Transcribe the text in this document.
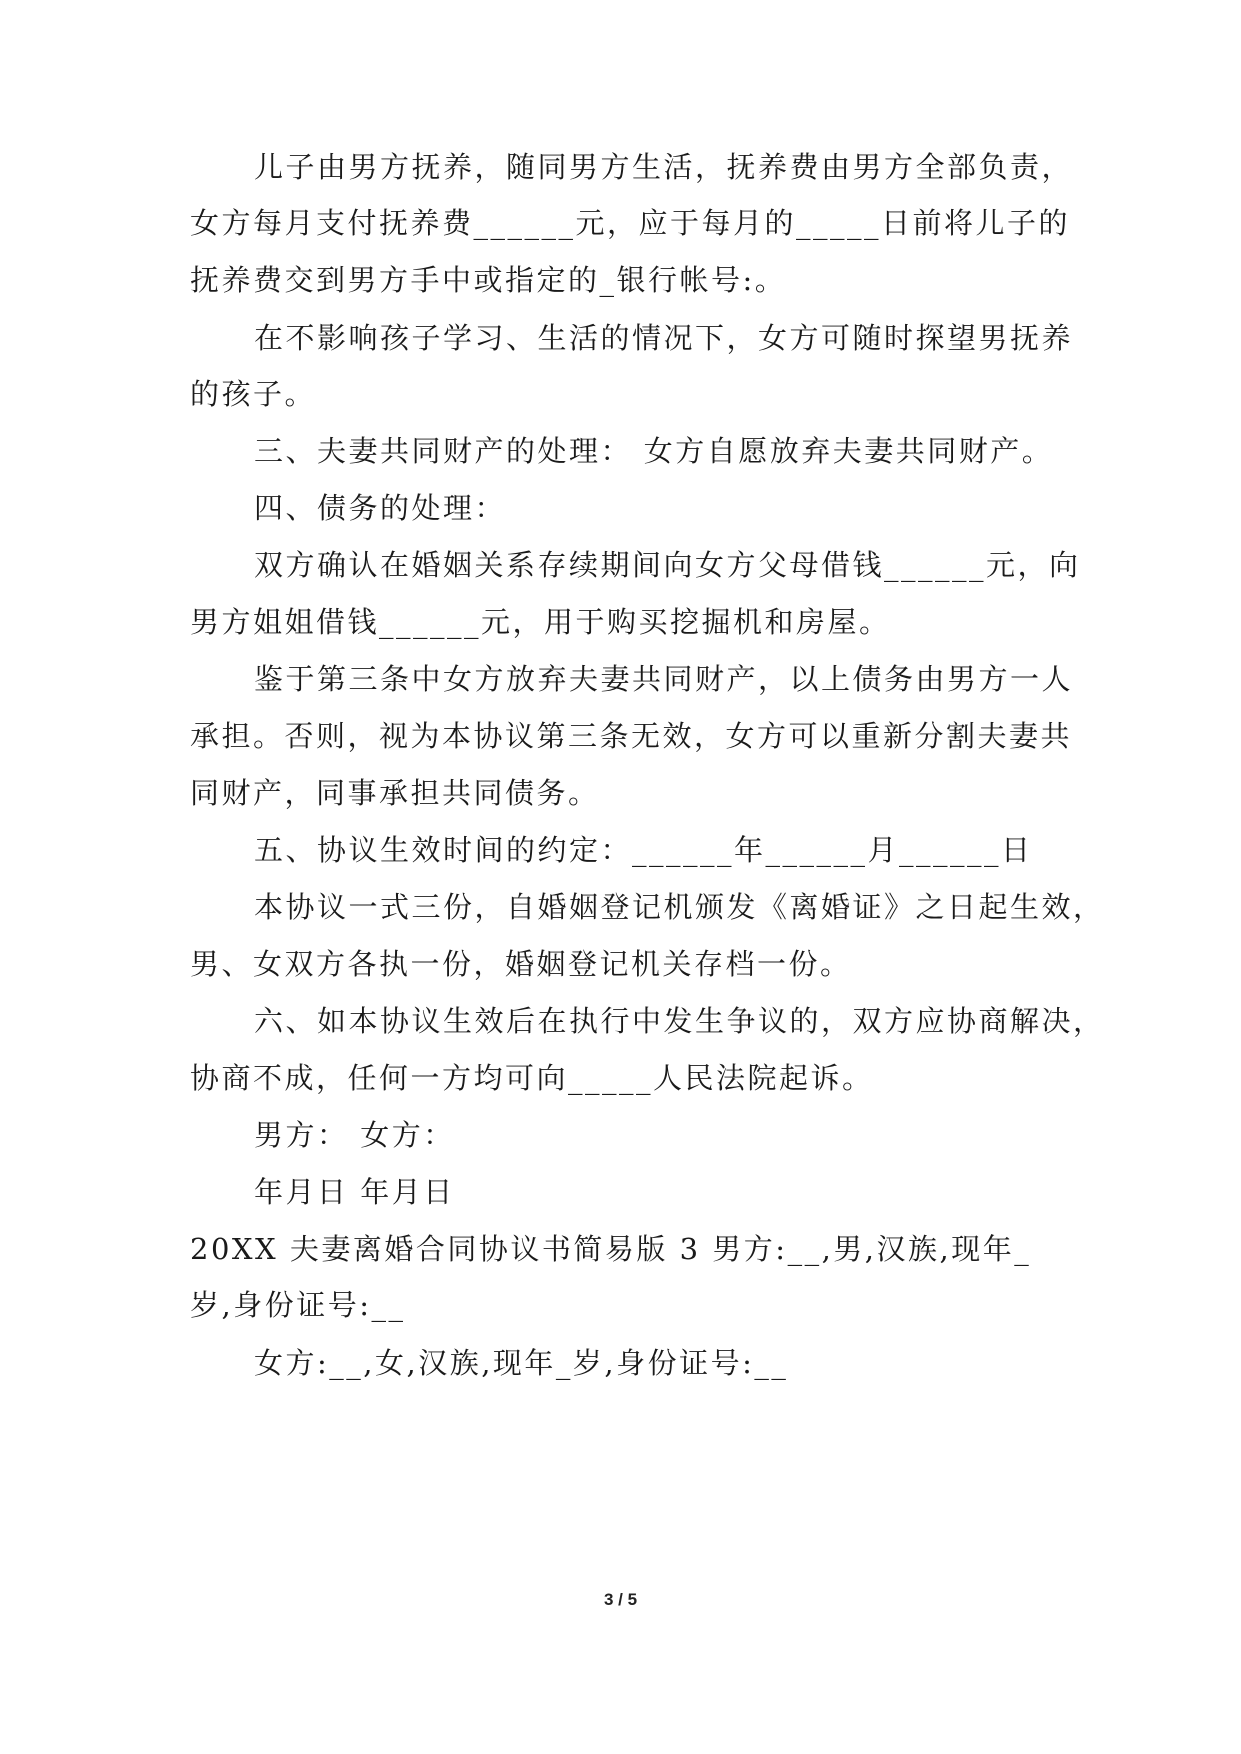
儿子由男方抚养，随同男方生活，抚养费由男方全部负责，
女方每月支付抚养费______元，应于每月的_____日前将儿子的
抚养费交到男方手中或指定的_银行帐号:。
在不影响孩子学习、生活的情况下，女方可随时探望男抚养
的孩子。
三、夫妻共同财产的处理： 女方自愿放弃夫妻共同财产。
四、债务的处理：
双方确认在婚姻关系存续期间向女方父母借钱______元，向
男方姐姐借钱______元，用于购买挖掘机和房屋。
鉴于第三条中女方放弃夫妻共同财产，以上债务由男方一人
承担。否则，视为本协议第三条无效，女方可以重新分割夫妻共
同财产，同事承担共同债务。
五、协议生效时间的约定：______年______月______日
本协议一式三份，自婚姻登记机颁发《离婚证》之日起生效，
男、女双方各执一份，婚姻登记机关存档一份。
六、如本协议生效后在执行中发生争议的，双方应协商解决，
协商不成，任何一方均可向_____人民法院起诉。
男方： 女方：
年月日 年月日
20XX 夫妻离婚合同协议书简易版 3 男方:__,男,汉族,现年_
岁,身份证号:__
女方:__,女,汉族,现年_岁,身份证号:__
3 / 5
